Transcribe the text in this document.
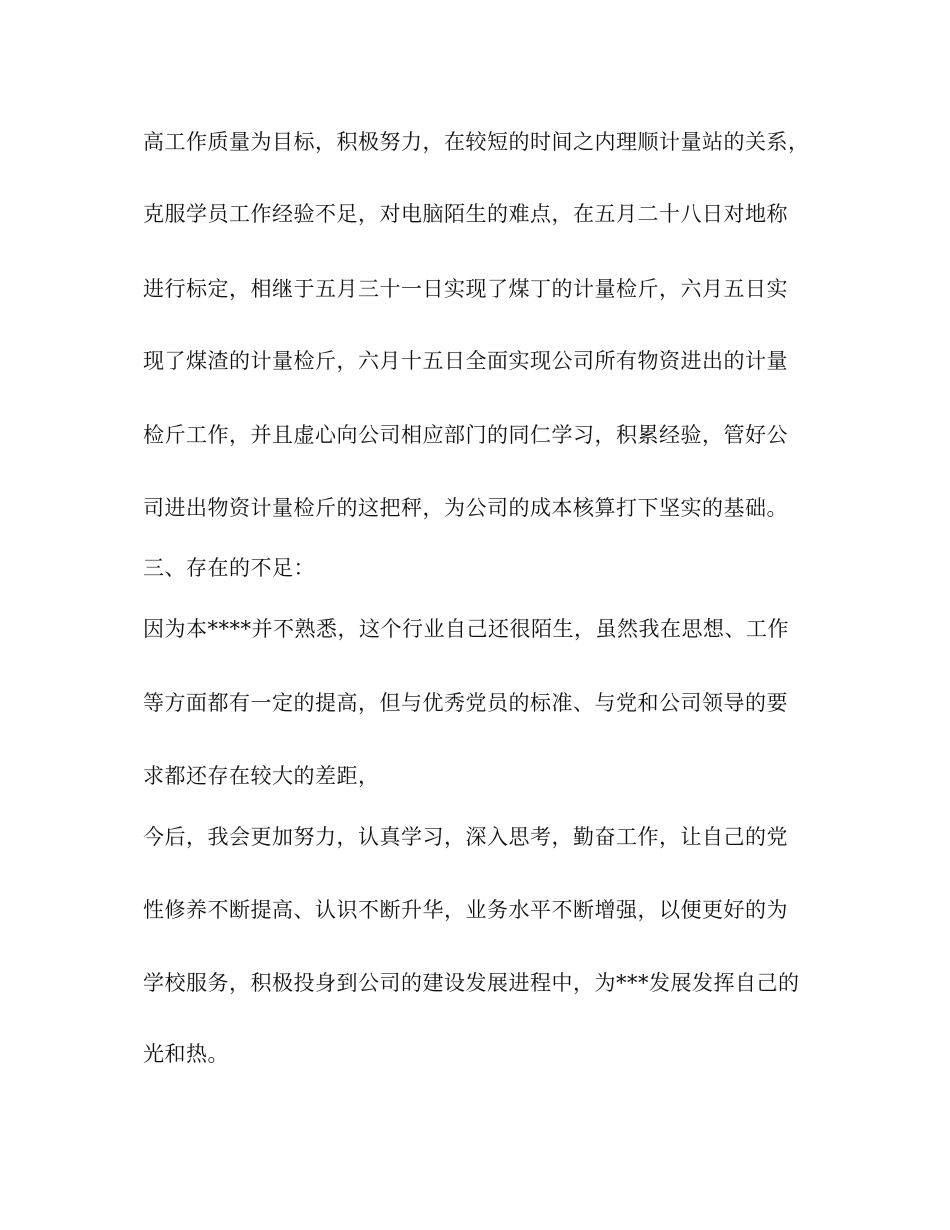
高工作质量为目标，积极努力，在较短的时间之内理顺计量站的关系，
克服学员工作经验不足，对电脑陌生的难点，在五月二十八日对地称
进行标定，相继于五月三十一日实现了煤丁的计量检斤，六月五日实
现了煤渣的计量检斤，六月十五日全面实现公司所有物资进出的计量
检斤工作，并且虚心向公司相应部门的同仁学习，积累经验，管好公
司进出物资计量检斤的这把秤，为公司的成本核算打下坚实的基础。
三、存在的不足：
因为本****并不熟悉，这个行业自己还很陌生，虽然我在思想、工作
等方面都有一定的提高，但与优秀党员的标准、与党和公司领导的要
求都还存在较大的差距，
今后，我会更加努力，认真学习，深入思考，勤奋工作，让自己的党
性修养不断提高、认识不断升华，业务水平不断增强，以便更好的为
学校服务，积极投身到公司的建设发展进程中，为***发展发挥自己的
光和热。
